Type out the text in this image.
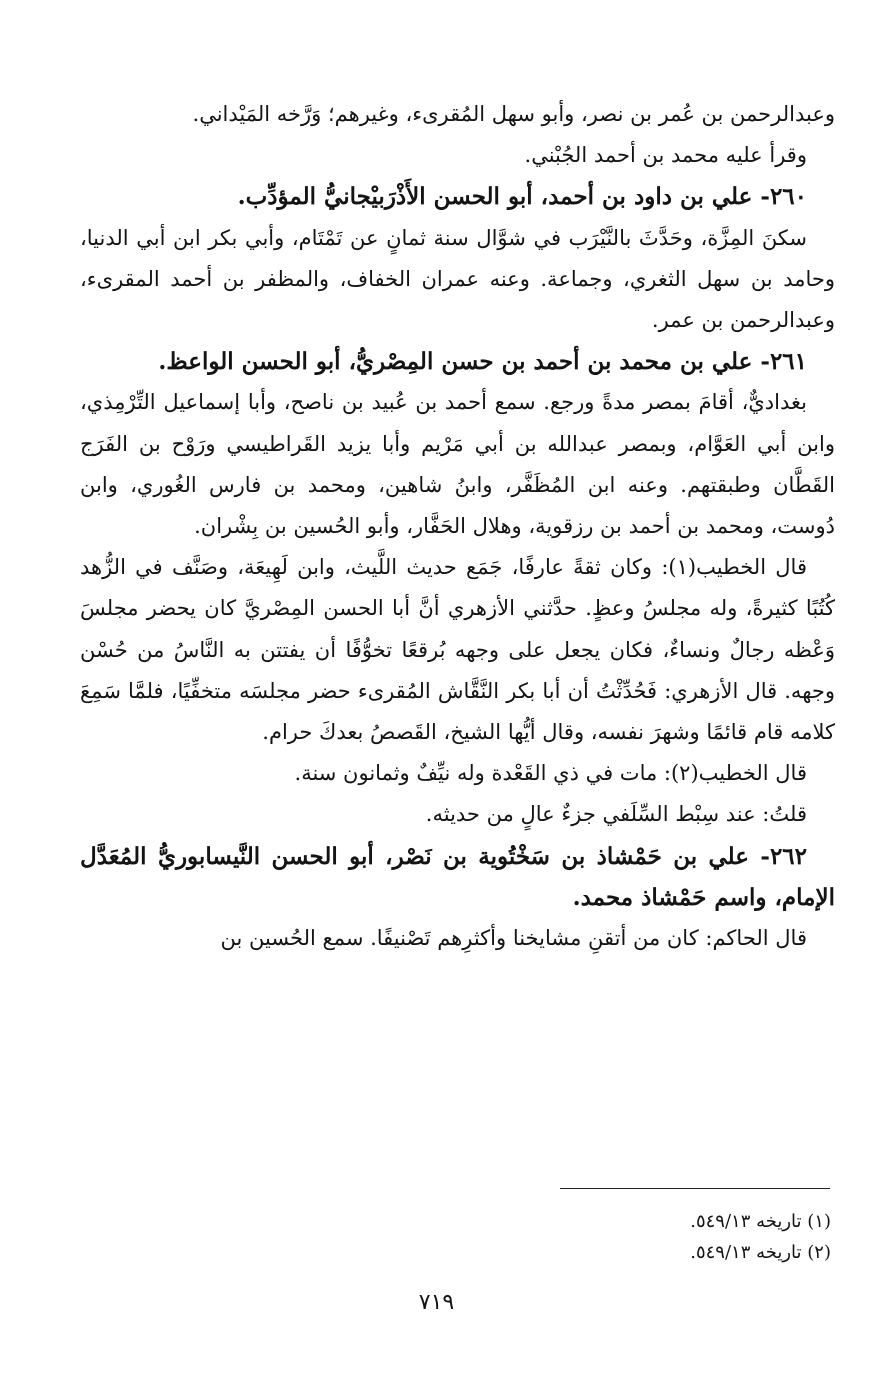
وعبدالرحمن بن عُمر بن نصر، وأبو سهل المُقرىء، وغيرهم؛ وَرَّخه المَيْداني.

وقرأ عليه محمد بن أحمد الجُبْني.

٢٦٠- علي بن داود بن أحمد، أبو الحسن الأَذْرَبيْجانيُّ المؤدِّب.

سكنَ المِزَّة، وحَدَّثَ بالنَّيْرَب في شوَّال سنة ثمانٍ عن تَمْتَام، وأبي بكر ابن أبي الدنيا، وحامد بن سهل الثغري، وجماعة. وعنه عمران الخفاف، والمظفر بن أحمد المقرىء، وعبدالرحمن بن عمر.

٢٦١- علي بن محمد بن أحمد بن حسن المِصْريُّ، أبو الحسن الواعظ.

بغداديٌّ، أقامَ بمصر مدةً ورجع. سمع أحمد بن عُبيد بن ناصح، وأبا إسماعيل التِّرْمِذي، وابن أبي العَوَّام، وبمصر عبدالله بن أبي مَرْيم وأبا يزيد القَراطيسي ورَوْح بن الفَرَج القَطَّان وطبقتهم. وعنه ابن المُظَفَّر، وابنُ شاهين، ومحمد بن فارس الغُوري، وابن دُوست، ومحمد بن أحمد بن رزقوية، وهلال الحَفَّار، وأبو الحُسين بن بِشْران.

قال الخطيب(١): وكان ثقةً عارفًا، جَمَع حديث اللَّيث، وابن لَهِيعَة، وصَنَّف في الزُّهد كُتُبًا كثيرةً، وله مجلسُ وعظٍ. حدَّثني الأزهري أنَّ أبا الحسن المِصْريَّ كان يحضر مجلسَ وَعْظه رجالٌ ونساءٌ، فكان يجعل على وجهه بُرقعًا تخوُّفًا أن يفتتن به النَّاسُ من حُسْن وجهه. قال الأزهري: فَحُدِّثْتُ أن أبا بكر النَّقَّاش المُقرىء حضر مجلسَه متخفِّيًا، فلمَّا سَمِعَ كلامه قام قائمًا وشهرَ نفسه، وقال أيُّها الشيخ، القَصصُ بعدكَ حرام.

قال الخطيب(٢): مات في ذي القَعْدة وله نيِّفٌ وثمانون سنة.

قلتُ: عند سِبْط السِّلَفي جزءٌ عالٍ من حديثه.

٢٦٢- علي بن حَمْشاذ بن سَخْتُوية بن نَصْر، أبو الحسن النَّيسابوريُّ المُعَدَّل الإمام، واسم حَمْشاذ محمد.

قال الحاكم: كان من أتقنِ مشايخنا وأكثرِهم تَصْنيفًا. سمع الحُسين بن

(١) تاريخه ٥٤٩/١٣.

(٢) تاريخه ٥٤٩/١٣.

٧١٩
